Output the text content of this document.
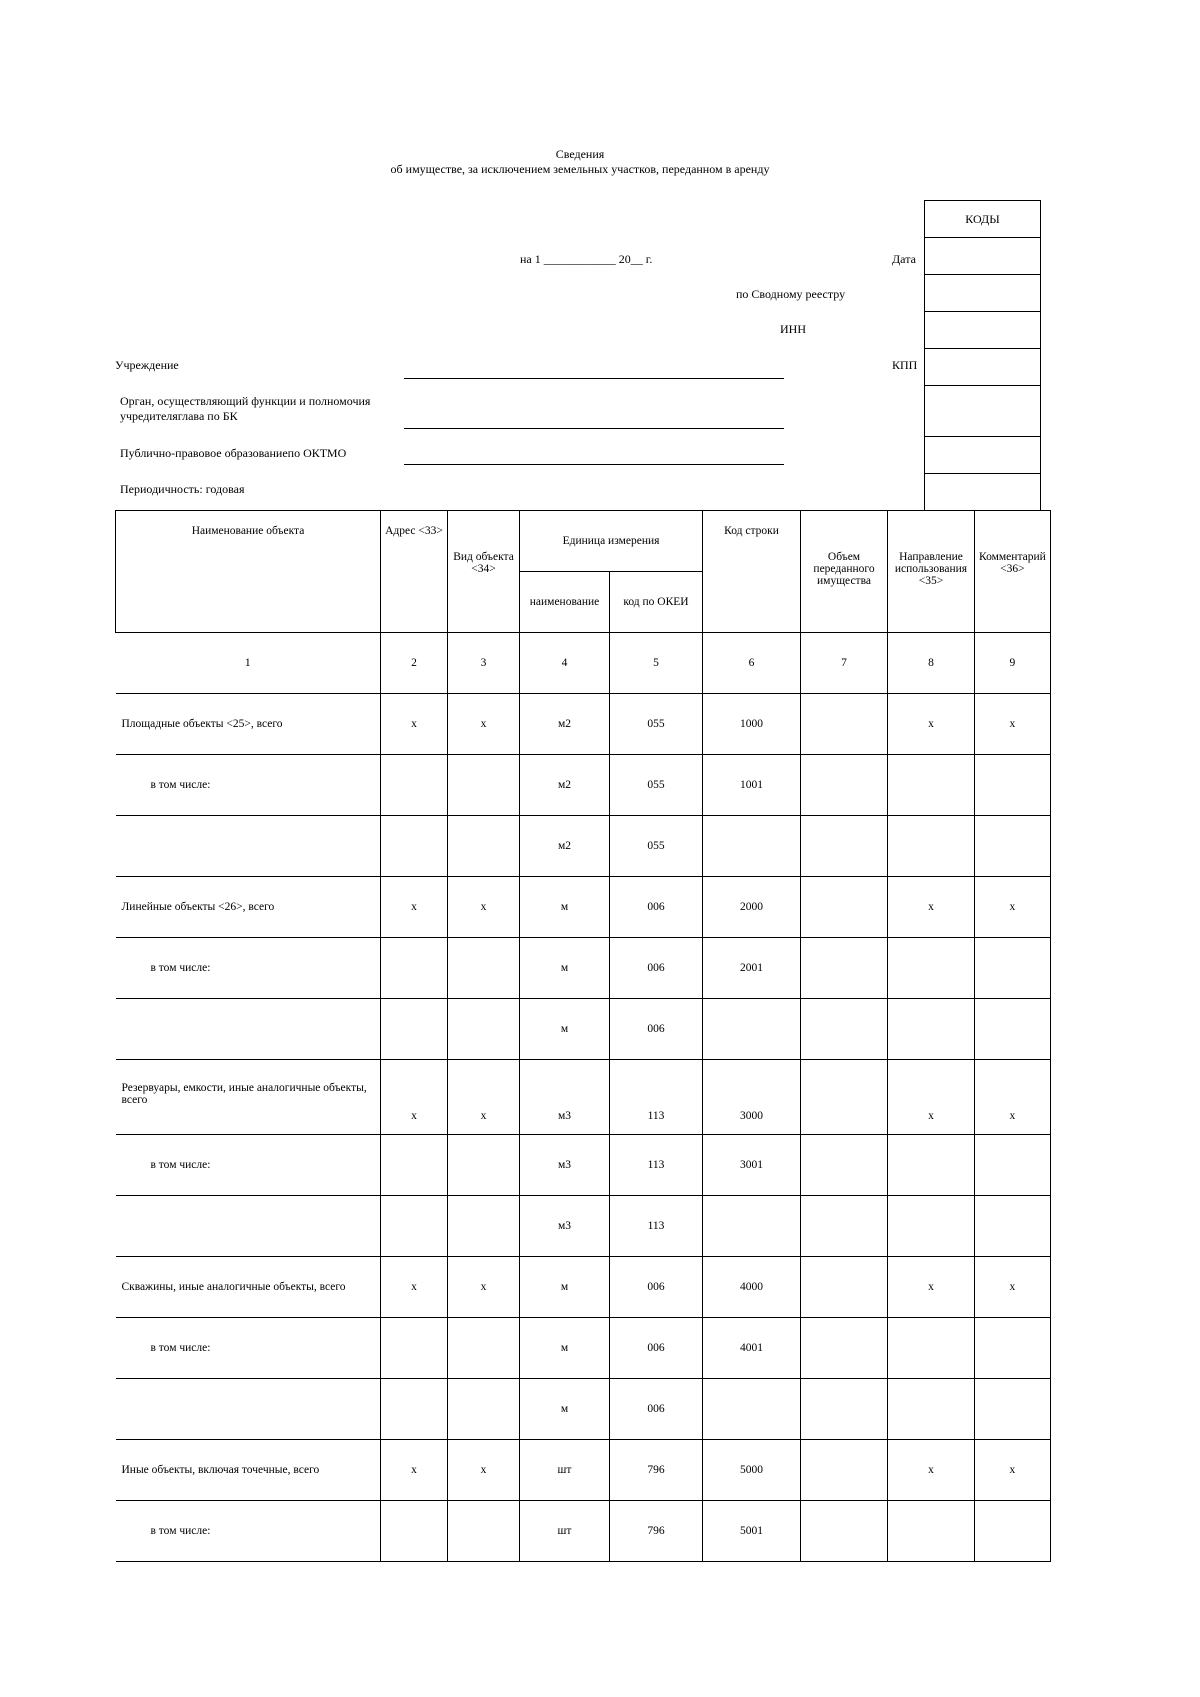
Сведения
об имуществе, за исключением земельных участков, переданном в аренду
на 1 ____________ 20__ г.
КОДЫ
Дата
по Сводному реестру
ИНН
КПП
Учреждение
Орган, осуществляющий функции и полномочия учредителяглава по БК
Публично-правовое образованиепо ОКТМО
Периодичность: годовая
Наименование объекта	Адрес <33>	Вид объекта <34>	Единица измерения		Код строки	Объем переданного имущества	Направление использования <35>	Комментарий <36>
			наименование	код по ОКЕИ				
1	2	3	4	5	6	7	8	9
Площадные объекты <25>, всего	х	х	м2	055	1000		х	х
в том числе:			м2	055	1001			
			м2	055				
Линейные объекты <26>, всего	х	х	м	006	2000		х	х
в том числе:			м	006	2001			
			м	006				
Резервуары, емкости, иные аналогичные объекты, всего	х	х	м3	113	3000		х	х
в том числе:			м3	113	3001			
			м3	113				
Скважины, иные аналогичные объекты, всего	х	х	м	006	4000		х	х
в том числе:			м	006	4001			
			м	006				
Иные объекты, включая точечные, всего	х	х	шт	796	5000		х	х
в том числе:			шт	796	5001			
